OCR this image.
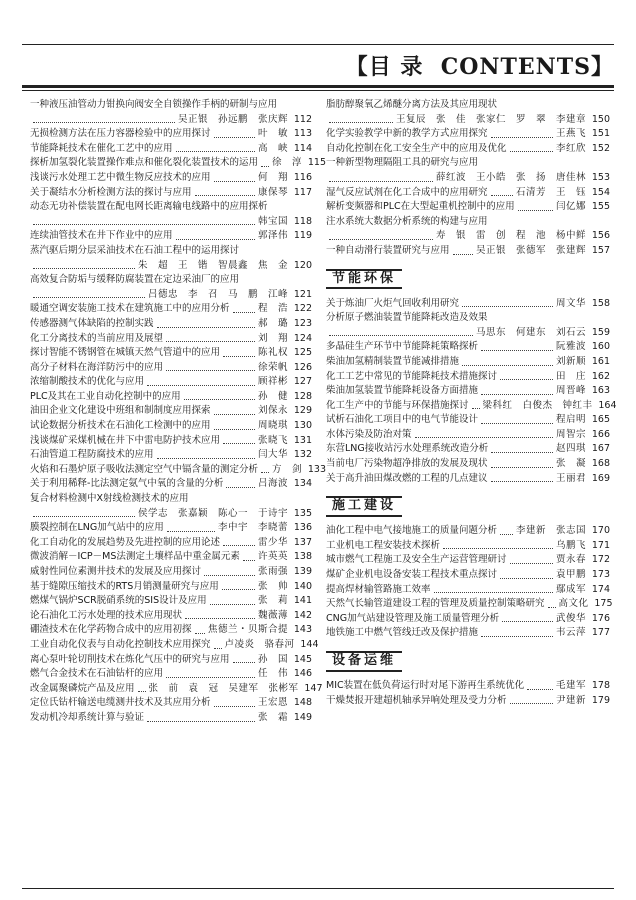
【目 录 CONTENTS】
一种液压油管动力钳换向阀安全自锁操作手柄的研制与应用
吴正银　孙远鹏　张庆辉 112
无损检测方法在压力容器检验中的应用探讨	叶　敏 113
节能降耗技术在催化工艺中的应用	高　峡 114
探析加氢裂化装置操作难点和催化裂化装置技术的运用 徐　淳 115
浅谈污水处理工艺中微生物反应技术的应用	何　翔 116
关于凝结水分析检测方法的探讨与应用	康保琴 117
动态无功补偿装置在配电网长距离输电线路中的应用探析
韩宝国 118
连续油管技术在井下作业中的应用	郭泽伟 119
蒸汽驱后期分层采油技术在石油工程中的运用探讨
朱　超　王　锴　智晨鑫　焦　金 120
高效复合防垢与缓释防腐装置在定边采油厂的应用
吕德忠　李　召　马　鹏　江峰 121
暖通空调安装施工技术在建筑施工中的应用分析	程　浩 122
传感器测气体缺陷的控制实践	郝　璐 123
化工分离技术的当前应用及展望	刘　翔 124
探讨智能不锈钢管在城镇天然气管道中的应用	陈礼权 125
高分子材料在海洋防污中的应用	徐荣帆 126
浓缩制酸技术的优化与应用	顾祥彬 127
PLC及其在工业自动化控制中的应用	孙　健 128
油田企业文化建设中班组和制制度应用探索	刘保永 129
试论数据分析技术在石油化工检测中的应用	周晓琪 130
浅谈煤矿采煤机械在井下中雷电防护技术应用	张晓飞 131
石油管道工程防腐技术的应用	闫大华 132
火焰和石墨炉原子吸收法测定空气中镉含量的测定分析 方　剑 133
关于利用稀释-比法测定氨气中氧的含量的分析	吕海波 134
复合材料检测中X射线检测技术的应用
侯学志　张嘉颖　陈心一　于诗宇 135
膜裂控制在LNG加气站中的应用	李中宇　李晓蕾 136
化工自动化的发展趋势及先进控制的应用论述	雷少华 137
微波消解－ICP－MS法测定土壤样品中重金属元素 许英英 138
威射性同位素测井技术的发展及应用探讨	张雨强 139
基于缝隙压缩技术的RTS月销测量研究与应用	张　帅 140
燃煤气锅炉SCR脱硝系统的SIS设计及应用	张　莉 141
论石油化工污水处理的技术应用现状	魏薇薄 142
硼渣技术在化学药物合成中的应用初探 焦德兰・贝斯合提 143
工业自动化仪表与自动化控制技术应用探究 卢凌炎　骆春河 144
离心泵叶轮切削技术在炼化气压中的研究与应用	孙　国 145
燃气合金技术在石油钻杆的应用	任　伟 146
改金属聚磷烷产品及应用 张　前　袁　冠　吴建军　张彬军 147
定位氏钻杆输送电缆测井技术及其应用分析	王宏恩 148
发动机冷却系统计算与验证	张　霜 149
脂肪醇聚氧乙烯醚分离方法及其应用现状
王复辰　张　佳　张家仁　罗　翠　李建章 150
化学实验教学中新的教学方式应用探究	王燕飞 151
自动化控制在化工安全生产中的应用及优化	李红欣 152
一种新型物理隔阻工具的研究与应用
薛红波　王小皓　张　扬　唐佳林 153
湿气反应试剂在化工合成中的应用研究	石清芳　王　钰 154
解析变频器和PLC在大型起重机控制中的应用	闫亿娜 155
注水系统大数据分析系统的构建与应用
寿　银　雷　创　程　池　杨中鲜 156
一种自动滑行装置研究与应用	吴正银　张德军　张建辉 157
节能环保
关于炼油厂火炬气回收利用研究	周文华 158
分析原子燃油装置节能降耗改造及效果
马思东　何建东　刘石云 159
多晶硅生产环节中节能降耗策略探析	阮雅波 160
柴油加氢精制装置节能减排措施	刘新顺 161
化工工艺中常见的节能降耗技术措施探讨	田　庄 162
柴油加氢装置节能降耗设备方面措施	周晋峰 163
化工生产中的节能与环保措施探讨 梁科红　白俊杰　钟红丰 164
试析石油化工项目中的电气节能设计	程启明 165
水体污染及防治对策	周智宗 166
东营LNG接收站污水处理系统改造分析	赵四琪 167
当前电厂污染物超净排放的发展及现状	张　凝 168
关于高升油田煤改燃的工程的几点建议	王丽君 169
施工建设
油化工程中电气接地施工的质量问题分析 李建新　张志国 170
工业机电工程安装技术探析	乌鹏飞 171
城市燃气工程施工及安全生产运营管理研讨	贾永春 172
煤矿企业机电设备安装工程技术重点探讨	袁甲鹏 173
提高焊材输管路施工效率	鄢成军 174
天然气长输管道建设工程的管理及质量控制策略研究 高文化 175
CNG加气站建设管理及施工质量管理分析	武俊华 176
地铁施工中燃气管线迁改及保护措施	韦云萍 177
设备运维
MIC装置在低负荷运行时对尾下游再生系统优化	毛建军 178
干燥焚报开建超机轴承异响处理及受力分析	尹建新 179
